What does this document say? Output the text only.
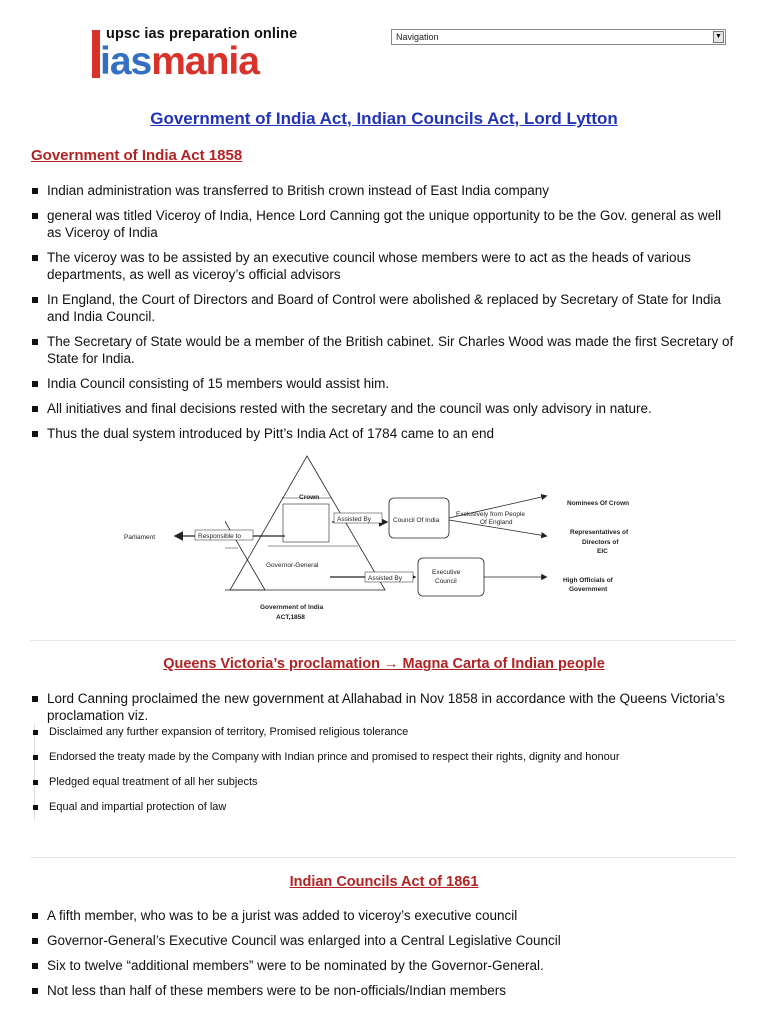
upsc ias preparation online
iasmania
Navigation	▼
Government of India Act, Indian Councils Act, Lord Lytton
Government of India Act 1858
Indian administration was transferred to British crown instead of East India company
general was titled Viceroy of India, Hence Lord Canning got the unique opportunity to be the Gov. general as well as Viceroy of India
The viceroy was to be assisted by an executive council whose members were to act as the heads of various departments, as well as viceroy’s official advisors
In England, the Court of Directors and Board of Control were abolished & replaced by Secretary of State for India and India Council.
The Secretary of State would be a member of the British cabinet. Sir Charles Wood was made the first Secretary of State for India.
India Council consisting of 15 members would assist him.
All initiatives and final decisions rested with the secretary and the council was only advisory in nature.
Thus the dual system introduced by Pitt’s India Act of 1784 came to an end
Crown
Governor-General
Parliament	Responsible to
Assisted By
Assisted By
Council Of India
Executive
Council
Exclusively from People
Of England
Nominees Of Crown
Representatives of
Directors of
EIC
High Officials of
Government
Government of India
ACT,1858
Queens Victoria’s proclamation → Magna Carta of Indian people
Lord Canning proclaimed the new government at Allahabad in Nov 1858 in accordance with the Queens Victoria’s proclamation viz.
Disclaimed any further expansion of territory, Promised religious tolerance
Endorsed the treaty made by the Company with Indian prince and promised to respect their rights, dignity and honour
Pledged equal treatment of all her subjects
Equal and impartial protection of law
Indian Councils Act of 1861
A fifth member, who was to be a jurist was added to viceroy’s executive council
Governor-General’s Executive Council was enlarged into a Central Legislative Council
Six to twelve “additional members” were to be nominated by the Governor-General.
Not less than half of these members were to be non-officials/Indian members
